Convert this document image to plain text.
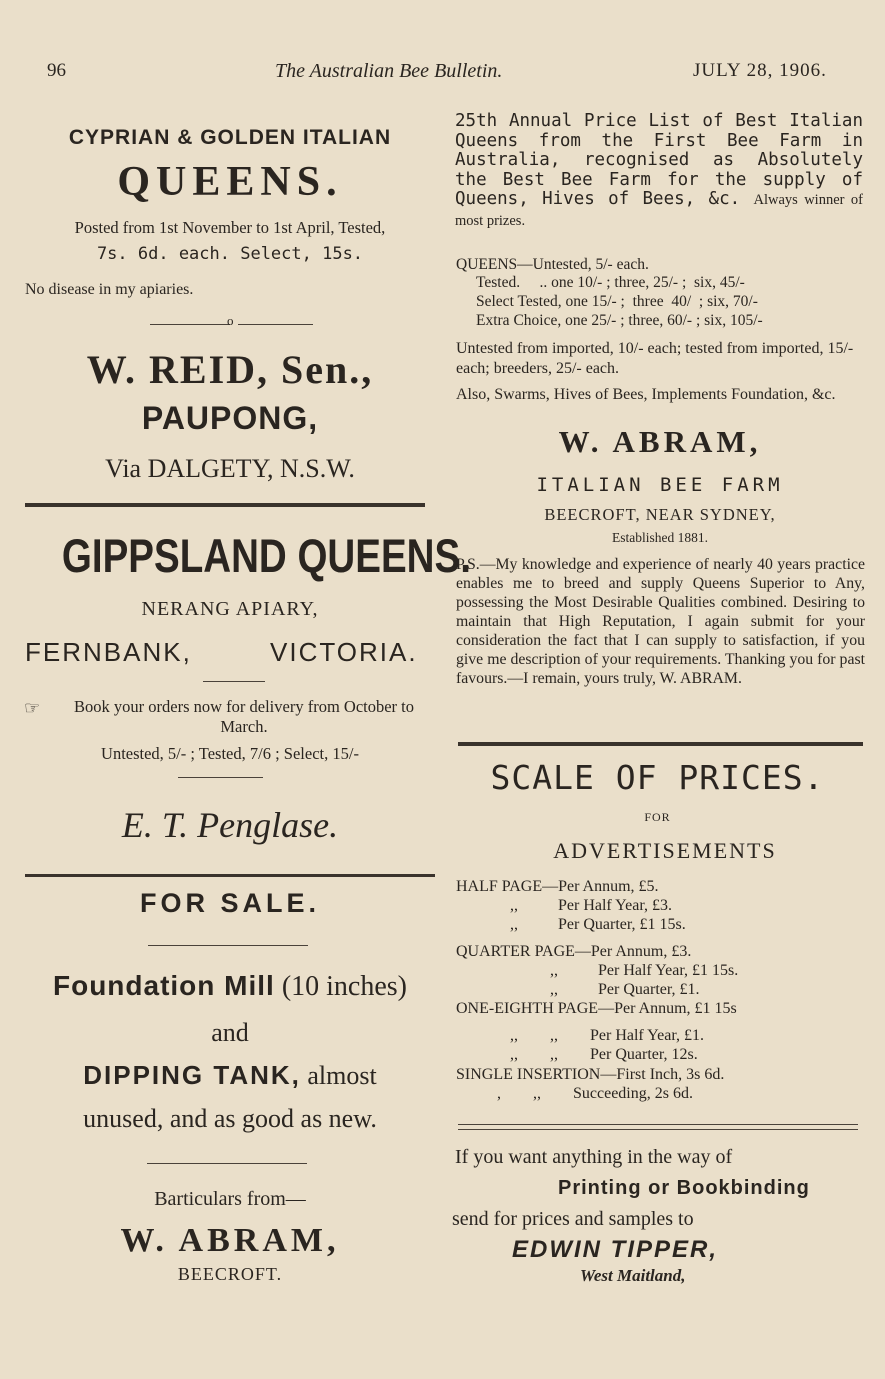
96	The Australian Bee Bulletin.	JULY 28, 1906.
CYPRIAN & GOLDEN ITALIAN
QUEENS.
Posted from 1st November to 1st April, Tested,
7s. 6d. each. Select, 15s.
No disease in my apiaries.
o
W. REID, Sen.,
PAUPONG,
Via DALGETY, N.S.W.
GIPPSLAND QUEENS.
NERANG APIARY,
FERNBANK,	VICTORIA.
☞	Book your orders now for delivery from October to March.
Untested, 5/- ; Tested, 7/6 ; Select, 15/-
E. T. Penglase.
FOR SALE.
Foundation Mill (10 inches)
and
DIPPING TANK, almost
unused, and as good as new.
Barticulars from—
W. ABRAM,
BEECROFT.
25th Annual Price List of Best Italian Queens from the First Bee Farm in Australia, recognised as Absolutely the Best Bee Farm for the supply of Queens, Hives of Bees, &c. Always winner of most prizes.
QUEENS—Untested, 5/- each.
Tested.     .. one 10/- ; three, 25/- ;  six, 45/-
Select Tested, one 15/- ;  three  40/  ; six, 70/-
Extra Choice, one 25/- ; three, 60/- ; six, 105/-
Untested from imported, 10/- each; tested from imported, 15/- each; breeders, 25/- each.
Also, Swarms, Hives of Bees, Implements Foundation, &c.
W. ABRAM,
ITALIAN BEE FARM
BEECROFT, NEAR SYDNEY,
Established 1881.
P.S.—My knowledge and experience of nearly 40 years practice enables me to breed and supply Queens Superior to Any, possessing the Most Desirable Qualities combined. Desiring to maintain that High Reputation, I again submit for your consideration the fact that I can supply to satisfaction, if you give me description of your requirements. Thanking you for past favours.—I remain, yours truly, W. ABRAM.
SCALE OF PRICES.
FOR
ADVERTISEMENTS
HALF PAGE—Per Annum, £5.
,,          Per Half Year, £3.
,,          Per Quarter, £1 15s.
QUARTER PAGE—Per Annum, £3.
,,          Per Half Year, £1 15s.
,,          Per Quarter, £1.
ONE-EIGHTH PAGE—Per Annum, £1 15s
,,        ,,        Per Half Year, £1.
,,        ,,        Per Quarter, 12s.
SINGLE INSERTION—First Inch, 3s 6d.
,        ,,        Succeeding, 2s 6d.
If you want anything in the way of
Printing or Bookbinding
send for prices and samples to
EDWIN TIPPER,
West Maitland,
